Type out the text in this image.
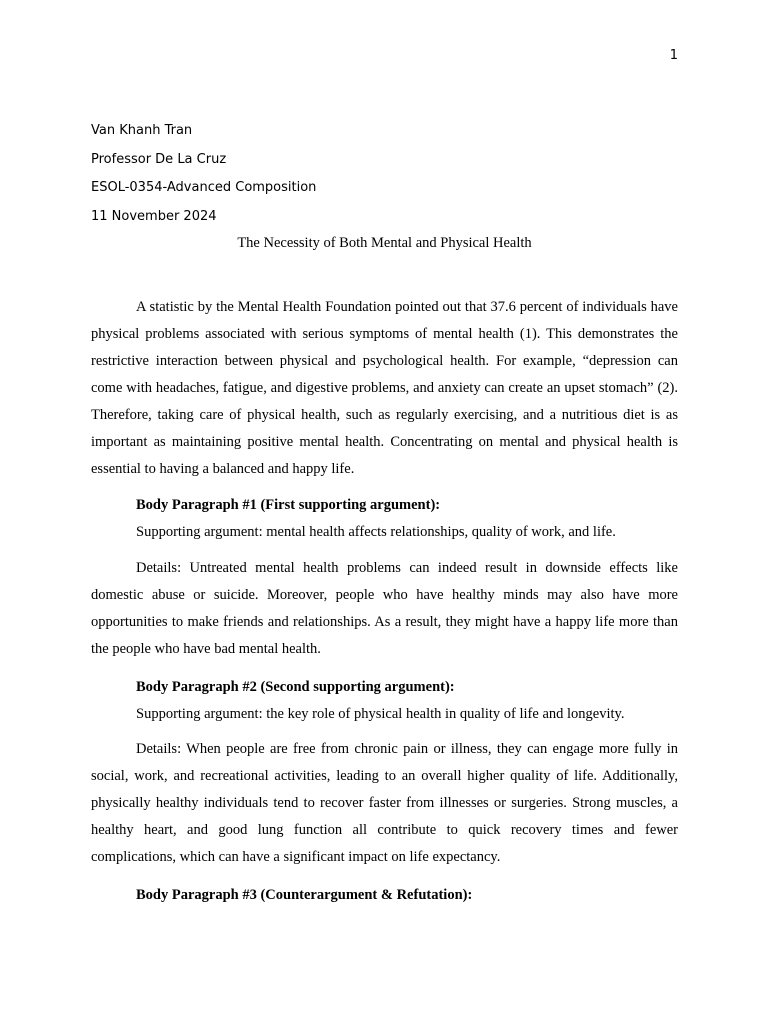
1
Van Khanh Tran
Professor De La Cruz
ESOL-0354-Advanced Composition
11 November 2024
The Necessity of Both Mental and Physical Health

A statistic by the Mental Health Foundation pointed out that 37.6 percent of individuals have physical problems associated with serious symptoms of mental health (1). This demonstrates the restrictive interaction between physical and psychological health. For example, “depression can come with headaches, fatigue, and digestive problems, and anxiety can create an upset stomach” (2). Therefore, taking care of physical health, such as regularly exercising, and a nutritious diet is as important as maintaining positive mental health. Concentrating on mental and physical health is essential to having a balanced and happy life.

Body Paragraph #1 (First supporting argument):

Supporting argument: mental health affects relationships, quality of work, and life.

Details: Untreated mental health problems can indeed result in downside effects like domestic abuse or suicide. Moreover, people who have healthy minds may also have more opportunities to make friends and relationships. As a result, they might have a happy life more than the people who have bad mental health.

Body Paragraph #2 (Second supporting argument):

Supporting argument: the key role of physical health in quality of life and longevity.

Details: When people are free from chronic pain or illness, they can engage more fully in social, work, and recreational activities, leading to an overall higher quality of life. Additionally, physically healthy individuals tend to recover faster from illnesses or surgeries. Strong muscles, a healthy heart, and good lung function all contribute to quick recovery times and fewer complications, which can have a significant impact on life expectancy.

Body Paragraph #3 (Counterargument & Refutation):
